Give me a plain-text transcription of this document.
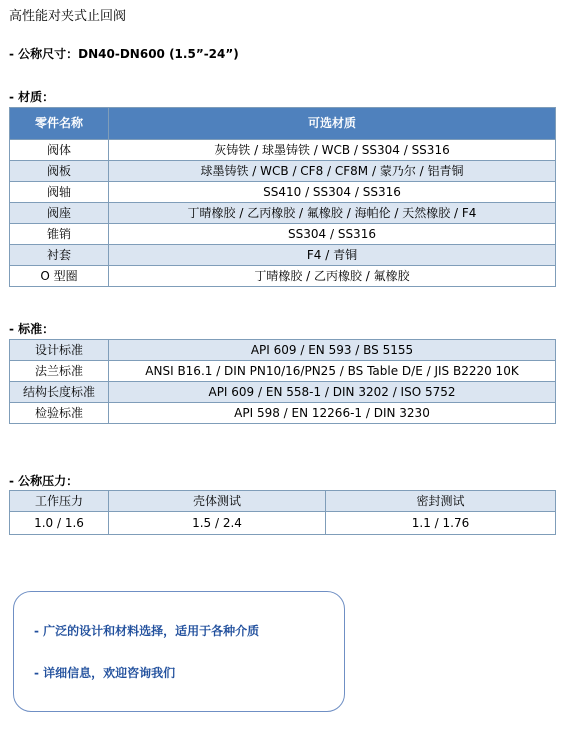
高性能对夹式止回阀
- 公称尺寸：DN40-DN600 (1.5”-24”)
- 材质：
零件名称	可选材质
阀体	灰铸铁 / 球墨铸铁 / WCB / SS304 / SS316
阀板	球墨铸铁 / WCB / CF8 / CF8M / 蒙乃尔 / 铝青铜
阀轴	SS410 / SS304 / SS316
阀座	丁晴橡胶 / 乙丙橡胶 / 氟橡胶 / 海帕伦 / 天然橡胶 / F4
锥销	SS304 / SS316
衬套	F4 / 青铜
O 型圈	丁晴橡胶 / 乙丙橡胶 / 氟橡胶
- 标准：
设计标准	API 609 / EN 593 / BS 5155
法兰标准	ANSI B16.1 / DIN PN10/16/PN25 / BS Table D/E / JIS B2220 10K
结构长度标准	API 609 / EN 558-1 / DIN 3202 / ISO 5752
检验标准	API 598 / EN 12266-1 / DIN 3230
- 公称压力：
工作压力	壳体测试	密封测试
1.0 / 1.6	1.5 / 2.4	1.1 / 1.76
- 广泛的设计和材料选择，适用于各种介质
- 详细信息，欢迎咨询我们
